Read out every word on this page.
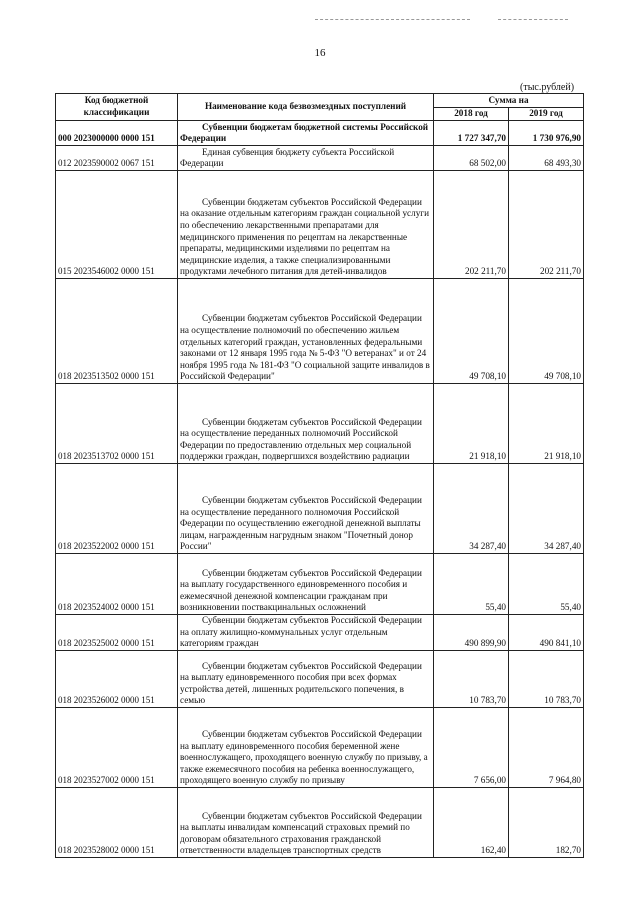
16
(тыс.рублей)
Код бюджетной классификации	Наименование кода безвозмездных поступлений	Сумма на	
		2018 год	2019 год
000 2023000000 0000 151	Субвенции бюджетам бюджетной системы Российской Федерации	1 727 347,70	1 730 976,90
012 2023590002 0067 151	Единая субвенция бюджету субъекта Российской Федерации	68 502,00	68 493,30
015 2023546002 0000 151	Субвенции бюджетам субъектов Российской Федерации на оказание отдельным категориям граждан социальной услуги по обеспечению лекарственными препаратами для медицинского применения по рецептам на лекарственные препараты, медицинскими изделиями по рецептам на медицинские изделия, а также специализированными продуктами лечебного питания для детей-инвалидов	202 211,70	202 211,70
018 2023513502 0000 151	Субвенции бюджетам субъектов Российской Федерации на осуществление полномочий по обеспечению жильем отдельных категорий граждан, установленных федеральными законами от 12 января 1995 года № 5-ФЗ "О ветеранах" и от 24 ноября 1995 года № 181-ФЗ "О социальной защите инвалидов в Российской Федерации"	49 708,10	49 708,10
018 2023513702 0000 151	Субвенции бюджетам субъектов Российской Федерации на осуществление переданных полномочий Российской Федерации по предоставлению отдельных мер социальной поддержки граждан, подвергшихся воздействию радиации	21 918,10	21 918,10
018 2023522002 0000 151	Субвенции бюджетам субъектов Российской Федерации на осуществление переданного полномочия Российской Федерации по осуществлению ежегодной денежной выплаты лицам, награжденным нагрудным знаком "Почетный донор России"	34 287,40	34 287,40
018 2023524002 0000 151	Субвенции бюджетам субъектов Российской Федерации на выплату государственного единовременного пособия и ежемесячной денежной компенсации гражданам при возникновении поствакцинальных осложнений	55,40	55,40
018 2023525002 0000 151	Субвенции бюджетам субъектов Российской Федерации на оплату жилищно-коммунальных услуг отдельным категориям граждан	490 899,90	490 841,10
018 2023526002 0000 151	Субвенции бюджетам субъектов Российской Федерации на выплату единовременного пособия при всех формах устройства детей, лишенных родительского попечения, в семью	10 783,70	10 783,70
018 2023527002 0000 151	Субвенции бюджетам субъектов Российской Федерации на выплату единовременного пособия беременной жене военнослужащего, проходящего военную службу по призыву, а также ежемесячного пособия на ребенка военнослужащего, проходящего военную службу по призыву	7 656,00	7 964,80
018 2023528002 0000 151	Субвенции бюджетам субъектов Российской Федерации на выплаты инвалидам компенсаций страховых премий по договорам обязательного страхования гражданской ответственности владельцев транспортных средств	162,40	182,70
